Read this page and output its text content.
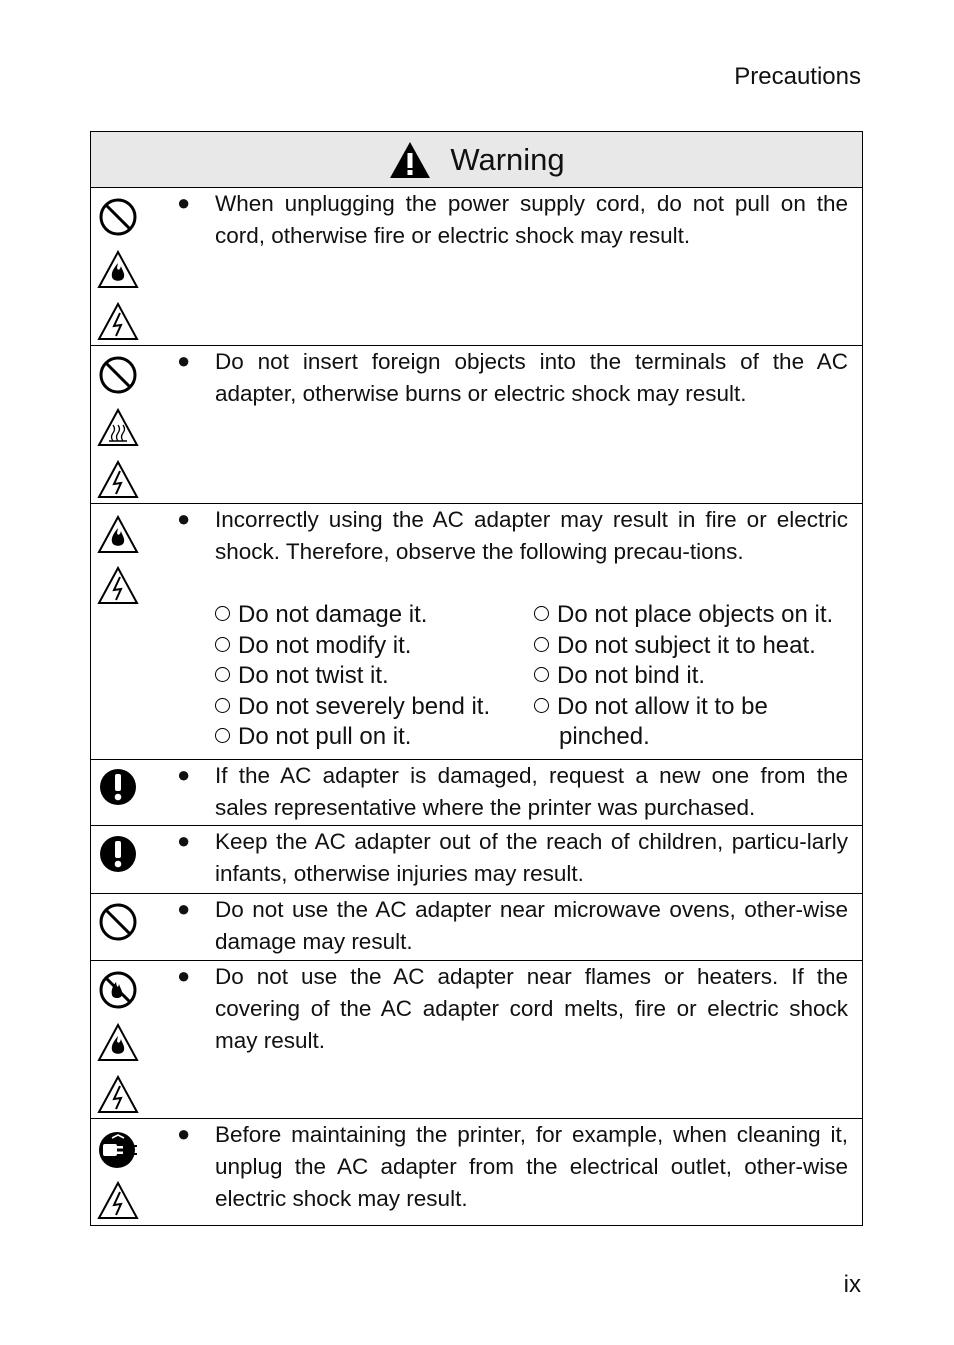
Precautions
Warning
● When unplugging the power supply cord, do not pull on the cord, otherwise fire or electric shock may result.
● Do not insert foreign objects into the terminals of the AC adapter, otherwise burns or electric shock may result.
● Incorrectly using the AC adapter may result in fire or electric shock. Therefore, observe the following precau-tions.
Do not damage it.
Do not modify it.
Do not twist it.
Do not severely bend it.
Do not pull on it.
Do not place objects on it.
Do not subject it to heat.
Do not bind it.
Do not allow it to be
pinched.
● If the AC adapter is damaged, request a new one from the sales representative where the printer was purchased.
● Keep the AC adapter out of the reach of children, particu-larly infants, otherwise injuries may result.
● Do not use the AC adapter near microwave ovens, other-wise damage may result.
● Do not use the AC adapter near flames or heaters. If the covering of the AC adapter cord melts, fire or electric shock may result.
● Before maintaining the printer, for example, when cleaning it, unplug the AC adapter from the electrical outlet, other-wise electric shock may result.
ix
